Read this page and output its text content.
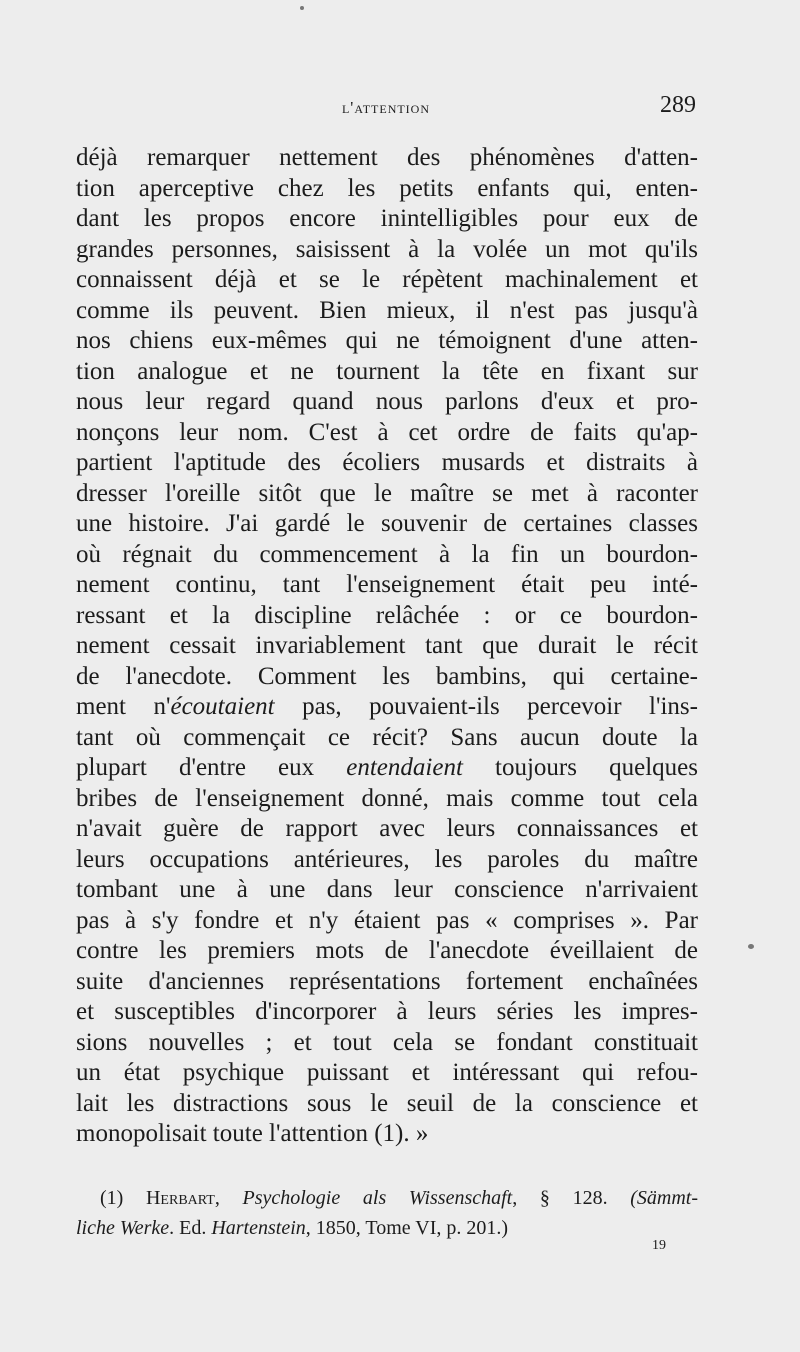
l'attention	289
déjà remarquer nettement des phénomènes d'atten-
tion aperceptive chez les petits enfants qui, enten-
dant les propos encore inintelligibles pour eux de
grandes personnes, saisissent à la volée un mot qu'ils
connaissent déjà et se le répètent machinalement et
comme ils peuvent. Bien mieux, il n'est pas jusqu'à
nos chiens eux-mêmes qui ne témoignent d'une atten-
tion analogue et ne tournent la tête en fixant sur
nous leur regard quand nous parlons d'eux et pro-
nonçons leur nom. C'est à cet ordre de faits qu'ap-
partient l'aptitude des écoliers musards et distraits à
dresser l'oreille sitôt que le maître se met à raconter
une histoire. J'ai gardé le souvenir de certaines classes
où régnait du commencement à la fin un bourdon-
nement continu, tant l'enseignement était peu inté-
ressant et la discipline relâchée : or ce bourdon-
nement cessait invariablement tant que durait le récit
de l'anecdote. Comment les bambins, qui certaine-
ment n'écoutaient pas, pouvaient-ils percevoir l'ins-
tant où commençait ce récit? Sans aucun doute la
plupart d'entre eux entendaient toujours quelques
bribes de l'enseignement donné, mais comme tout cela
n'avait guère de rapport avec leurs connaissances et
leurs occupations antérieures, les paroles du maître
tombant une à une dans leur conscience n'arrivaient
pas à s'y fondre et n'y étaient pas « comprises ». Par
contre les premiers mots de l'anecdote éveillaient de
suite d'anciennes représentations fortement enchaînées
et susceptibles d'incorporer à leurs séries les impres-
sions nouvelles ; et tout cela se fondant constituait
un état psychique puissant et intéressant qui refou-
lait les distractions sous le seuil de la conscience et
monopolisait toute l'attention (1). »
(1) Herbart, Psychologie als Wissenschaft, § 128. (Sämmt-
liche Werke. Ed. Hartenstein, 1850, Tome VI, p. 201.)
19
